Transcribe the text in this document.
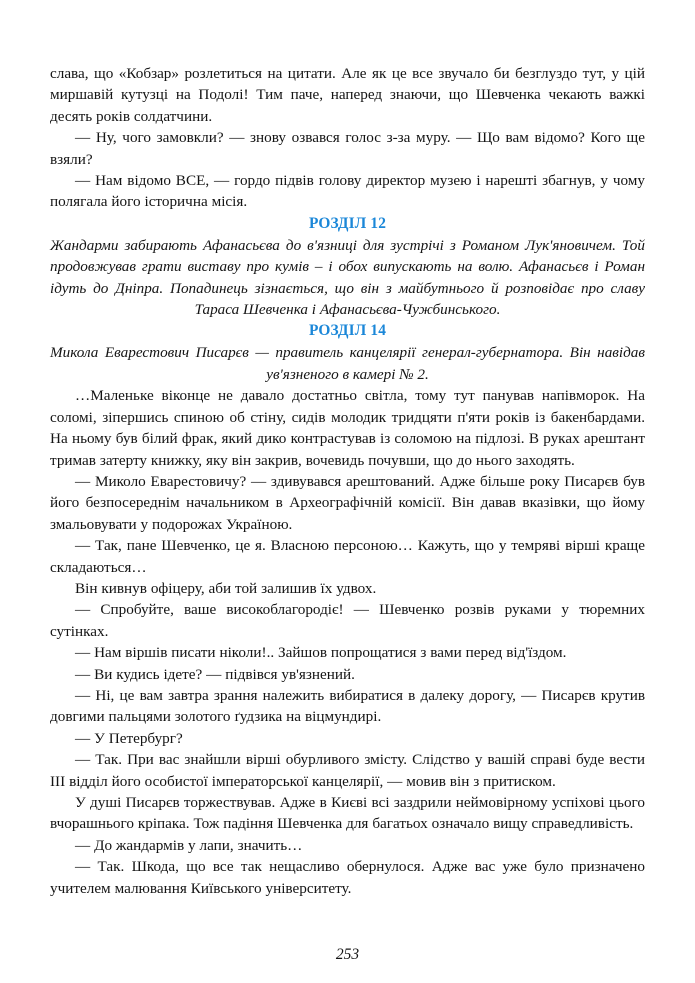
слава, що «Кобзар» розлетиться на цитати. Але як це все звучало би безглуздо тут, у цій миршавій кутузці на Подолі! Тим паче, наперед знаючи, що Шевченка чекають важкі десять років солдатчини.

— Ну, чого замовкли? — знову озвався голос з-за муру. — Що вам відомо? Кого ще взяли?

— Нам відомо ВСЕ, — гордо підвів голову директор музею і нарешті збагнув, у чому полягала його історична місія.

РОЗДІЛ 12

Жандарми забирають Афанасьєва до в'язниці для зустрічі з Романом Лук'яновичем. Той продовжував грати виставу про кумів – і обох випускають на волю. Афанасьєв і Роман ідуть до Дніпра. Попадинець зізнається, що він з майбутнього й розповідає про славу Тараса Шевченка і Афанасьєва-Чужбинського.

РОЗДІЛ 14

Микола Еварестович Писарєв — правитель канцелярії генерал-губернатора. Він навідав ув'язненого в камері № 2.

…Маленьке віконце не давало достатньо світла, тому тут панував напівморок. На соломі, зіпершись спиною об стіну, сидів молодик тридцяти п'яти років із бакенбардами. На ньому був білий фрак, який дико контрастував із соломою на підлозі. В руках арештант тримав затерту книжку, яку він закрив, вочевидь почувши, що до нього заходять.

— Миколо Еварестовичу? — здивувався арештований. Адже більше року Писарєв був його безпосереднім начальником в Археографічній комісії. Він давав вказівки, що йому змальовувати у подорожах Україною.

— Так, пане Шевченко, це я. Власною персоною… Кажуть, що у темряві вірші краще складаються…

Він кивнув офіцеру, аби той залишив їх удвох.

— Спробуйте, ваше високоблагородіє! — Шевченко розвів руками у тюремних сутінках.

— Нам віршів писати ніколи!.. Зайшов попрощатися з вами перед від'їздом.

— Ви кудись ідете? — підвівся ув'язнений.

— Ні, це вам завтра зрання належить вибиратися в далеку дорогу, — Писарєв крутив довгими пальцями золотого ґудзика на віцмундирі.

— У Петербург?

— Так. При вас знайшли вірші обурливого змісту. Слідство у вашій справі буде вести ІІІ відділ його особистої імператорської канцелярії, — мовив він з притиском.

У душі Писарєв торжествував. Адже в Києві всі заздрили неймовірному успіхові цього вчорашнього кріпака. Тож падіння Шевченка для багатьох означало вищу справедливість.

— До жандармів у лапи, значить…

— Так. Шкода, що все так нещасливо обернулося. Адже вас уже було призначено учителем малювання Київського університету.

253
